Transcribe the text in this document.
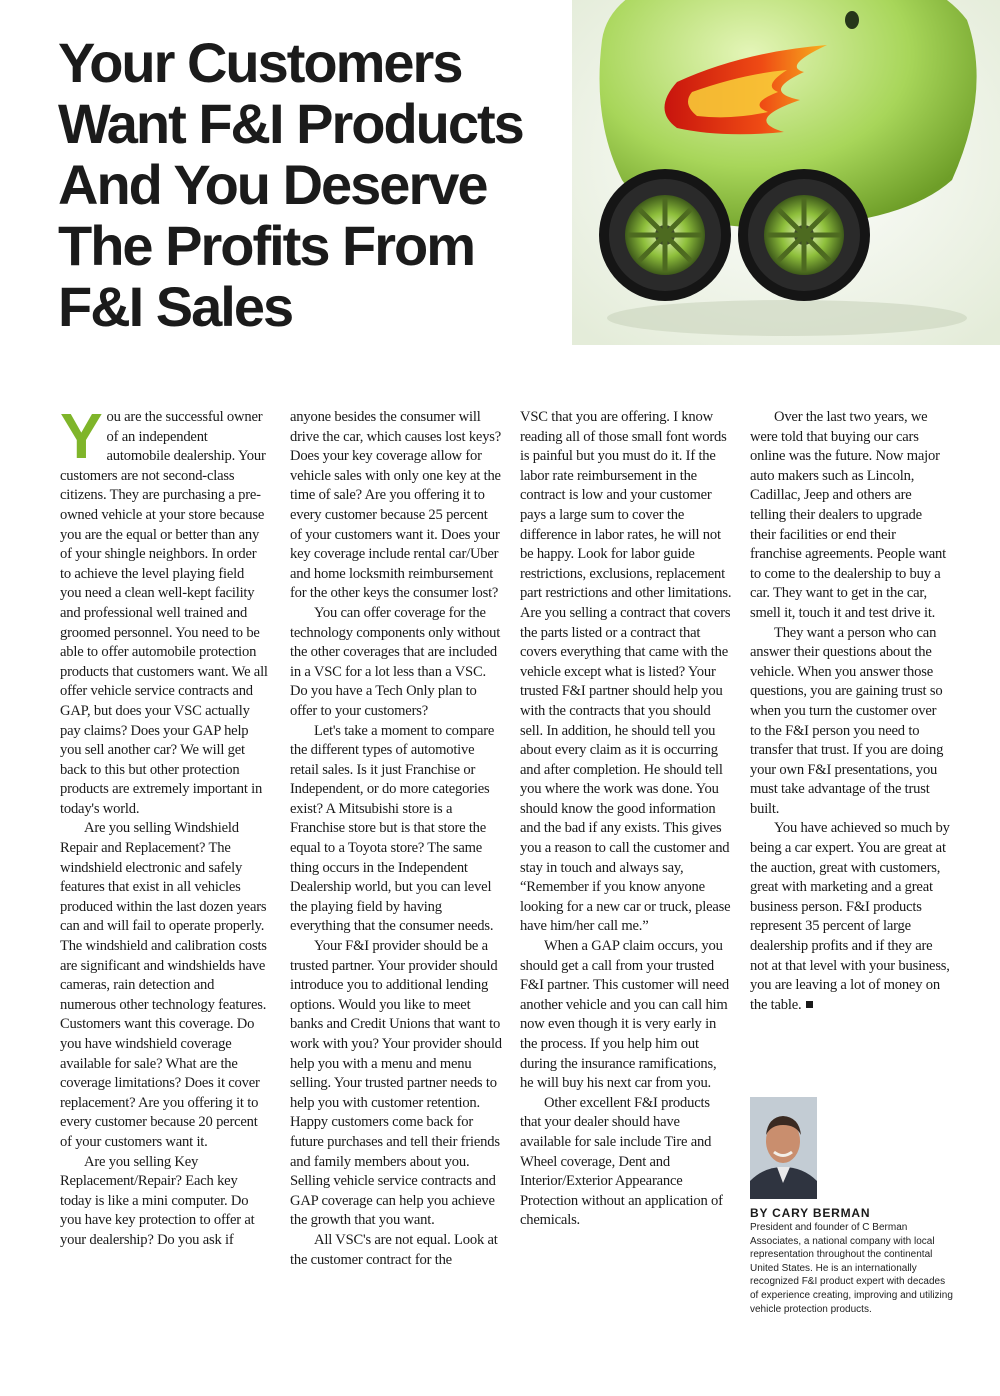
Your Customers
Want F&I Products
And You Deserve
The Profits From
F&I Sales

You are the successful owner of an independent automobile dealership. Your customers are not second-class citizens. They are purchasing a pre-owned vehicle at your store because you are the equal or better than any of your shingle neighbors. In order to achieve the level playing field you need a clean well-kept facility and professional well trained and groomed personnel. You need to be able to offer automobile protection products that customers want. We all offer vehicle service contracts and GAP, but does your VSC actually pay claims? Does your GAP help you sell another car? We will get back to this but other protection products are extremely important in today's world.

Are you selling Windshield Repair and Replacement? The windshield electronic and safely features that exist in all vehicles produced within the last dozen years can and will fail to operate properly. The windshield and calibration costs are significant and windshields have cameras, rain detection and numerous other technology features. Customers want this coverage. Do you have windshield coverage available for sale? What are the coverage limitations? Does it cover replacement? Are you offering it to every customer because 20 percent of your customers want it.

Are you selling Key Replacement/Repair? Each key today is like a mini computer. Do you have key protection to offer at your dealership? Do you ask if

anyone besides the consumer will drive the car, which causes lost keys? Does your key coverage allow for vehicle sales with only one key at the time of sale? Are you offering it to every customer because 25 percent of your customers want it. Does your key coverage include rental car/Uber and home locksmith reimbursement for the other keys the consumer lost?

You can offer coverage for the technology components only without the other coverages that are included in a VSC for a lot less than a VSC. Do you have a Tech Only plan to offer to your customers?

Let's take a moment to compare the different types of automotive retail sales. Is it just Franchise or Independent, or do more categories exist? A Mitsubishi store is a Franchise store but is that store the equal to a Toyota store? The same thing occurs in the Independent Dealership world, but you can level the playing field by having everything that the consumer needs.

Your F&I provider should be a trusted partner. Your provider should introduce you to additional lending options. Would you like to meet banks and Credit Unions that want to work with you? Your provider should help you with a menu and menu selling. Your trusted partner needs to help you with customer retention. Happy customers come back for future purchases and tell their friends and family members about you. Selling vehicle service contracts and GAP coverage can help you achieve the growth that you want.

All VSC's are not equal. Look at the customer contract for the

VSC that you are offering. I know reading all of those small font words is painful but you must do it. If the labor rate reimbursement in the contract is low and your customer pays a large sum to cover the difference in labor rates, he will not be happy. Look for labor guide restrictions, exclusions, replacement part restrictions and other limitations. Are you selling a contract that covers the parts listed or a contract that covers everything that came with the vehicle except what is listed? Your trusted F&I partner should help you with the contracts that you should sell. In addition, he should tell you about every claim as it is occurring and after completion. He should tell you where the work was done. You should know the good information and the bad if any exists. This gives you a reason to call the customer and stay in touch and always say, “Remember if you know anyone looking for a new car or truck, please have him/her call me.”

When a GAP claim occurs, you should get a call from your trusted F&I partner. This customer will need another vehicle and you can call him now even though it is very early in the process. If you help him out during the insurance ramifications, he will buy his next car from you.

Other excellent F&I products that your dealer should have available for sale include Tire and Wheel coverage, Dent and Interior/Exterior Appearance Protection without an application of chemicals.

Over the last two years, we were told that buying our cars online was the future. Now major auto makers such as Lincoln, Cadillac, Jeep and others are telling their dealers to upgrade their facilities or end their franchise agreements. People want to come to the dealership to buy a car. They want to get in the car, smell it, touch it and test drive it.

They want a person who can answer their questions about the vehicle. When you answer those questions, you are gaining trust so when you turn the customer over to the F&I person you need to transfer that trust. If you are doing your own F&I presentations, you must take advantage of the trust built.

You have achieved so much by being a car expert. You are great at the auction, great with customers, great with marketing and a great business person. F&I products represent 35 percent of large dealership profits and if they are not at that level with your business, you are leaving a lot of money on the table.

BY CARY BERMAN

President and founder of C Berman Associates, a national company with local representation throughout the continental United States. He is an internationally recognized F&I product expert with decades of experience creating, improving and utilizing vehicle protection products.
